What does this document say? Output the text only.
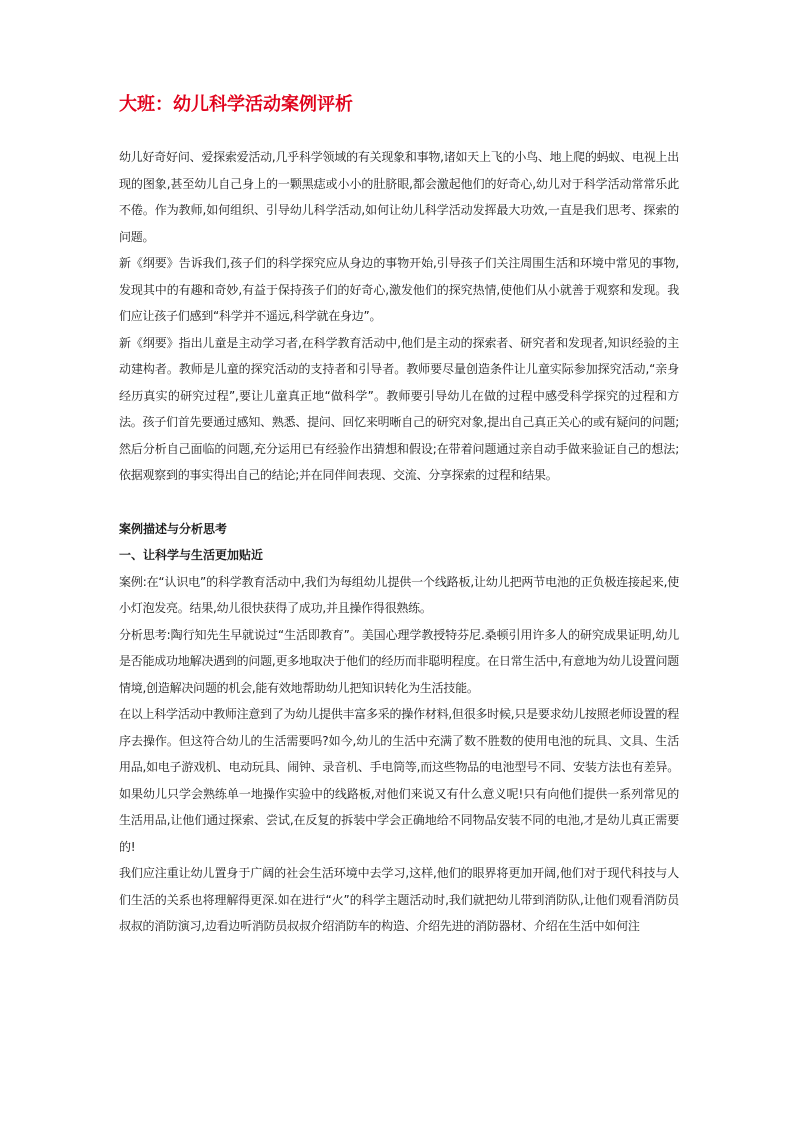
大班：幼儿科学活动案例评析

幼儿好奇好问、爱探索爱活动,几乎科学领域的有关现象和事物,诸如天上飞的小鸟、地上爬的蚂蚁、电视上出现的图象,甚至幼儿自己身上的一颗黑痣或小小的肚脐眼,都会激起他们的好奇心,幼儿对于科学活动常常乐此不倦。作为教师,如何组织、引导幼儿科学活动,如何让幼儿科学活动发挥最大功效,一直是我们思考、探索的问题。

新《纲要》告诉我们,孩子们的科学探究应从身边的事物开始,引导孩子们关注周围生活和环境中常见的事物,发现其中的有趣和奇妙,有益于保持孩子们的好奇心,激发他们的探究热情,使他们从小就善于观察和发现。我们应让孩子们感到“科学并不遥远,科学就在身边”。

新《纲要》指出儿童是主动学习者,在科学教育活动中,他们是主动的探索者、研究者和发现者,知识经验的主动建构者。教师是儿童的探究活动的支持者和引导者。教师要尽量创造条件让儿童实际参加探究活动,“亲身经历真实的研究过程”,要让儿童真正地“做科学”。教师要引导幼儿在做的过程中感受科学探究的过程和方法。孩子们首先要通过感知、熟悉、提问、回忆来明晰自己的研究对象,提出自己真正关心的或有疑问的问题;然后分析自己面临的问题,充分运用已有经验作出猜想和假设;在带着问题通过亲自动手做来验证自己的想法;依据观察到的事实得出自己的结论;并在同伴间表现、交流、分享探索的过程和结果。

案例描述与分析思考
一、让科学与生活更加贴近

案例:在“认识电”的科学教育活动中,我们为每组幼儿提供一个线路板,让幼儿把两节电池的正负极连接起来,使小灯泡发亮。结果,幼儿很快获得了成功,并且操作得很熟练。

分析思考:陶行知先生早就说过“生活即教育”。美国心理学教授特芬尼.桑顿引用许多人的研究成果证明,幼儿是否能成功地解决遇到的问题,更多地取决于他们的经历而非聪明程度。在日常生活中,有意地为幼儿设置问题情境,创造解决问题的机会,能有效地帮助幼儿把知识转化为生活技能。

在以上科学活动中教师注意到了为幼儿提供丰富多采的操作材料,但很多时候,只是要求幼儿按照老师设置的程序去操作。但这符合幼儿的生活需要吗?如今,幼儿的生活中充满了数不胜数的使用电池的玩具、文具、生活用品,如电子游戏机、电动玩具、闹钟、录音机、手电筒等,而这些物品的电池型号不同、安装方法也有差异。如果幼儿只学会熟练单一地操作实验中的线路板,对他们来说又有什么意义呢!只有向他们提供一系列常见的生活用品,让他们通过探索、尝试,在反复的拆装中学会正确地给不同物品安装不同的电池,才是幼儿真正需要的!

我们应注重让幼儿置身于广阔的社会生活环境中去学习,这样,他们的眼界将更加开阔,他们对于现代科技与人们生活的关系也将理解得更深.如在进行“火”的科学主题活动时,我们就把幼儿带到消防队,让他们观看消防员叔叔的消防演习,边看边听消防员叔叔介绍消防车的构造、介绍先进的消防器材、介绍在生活中如何注
